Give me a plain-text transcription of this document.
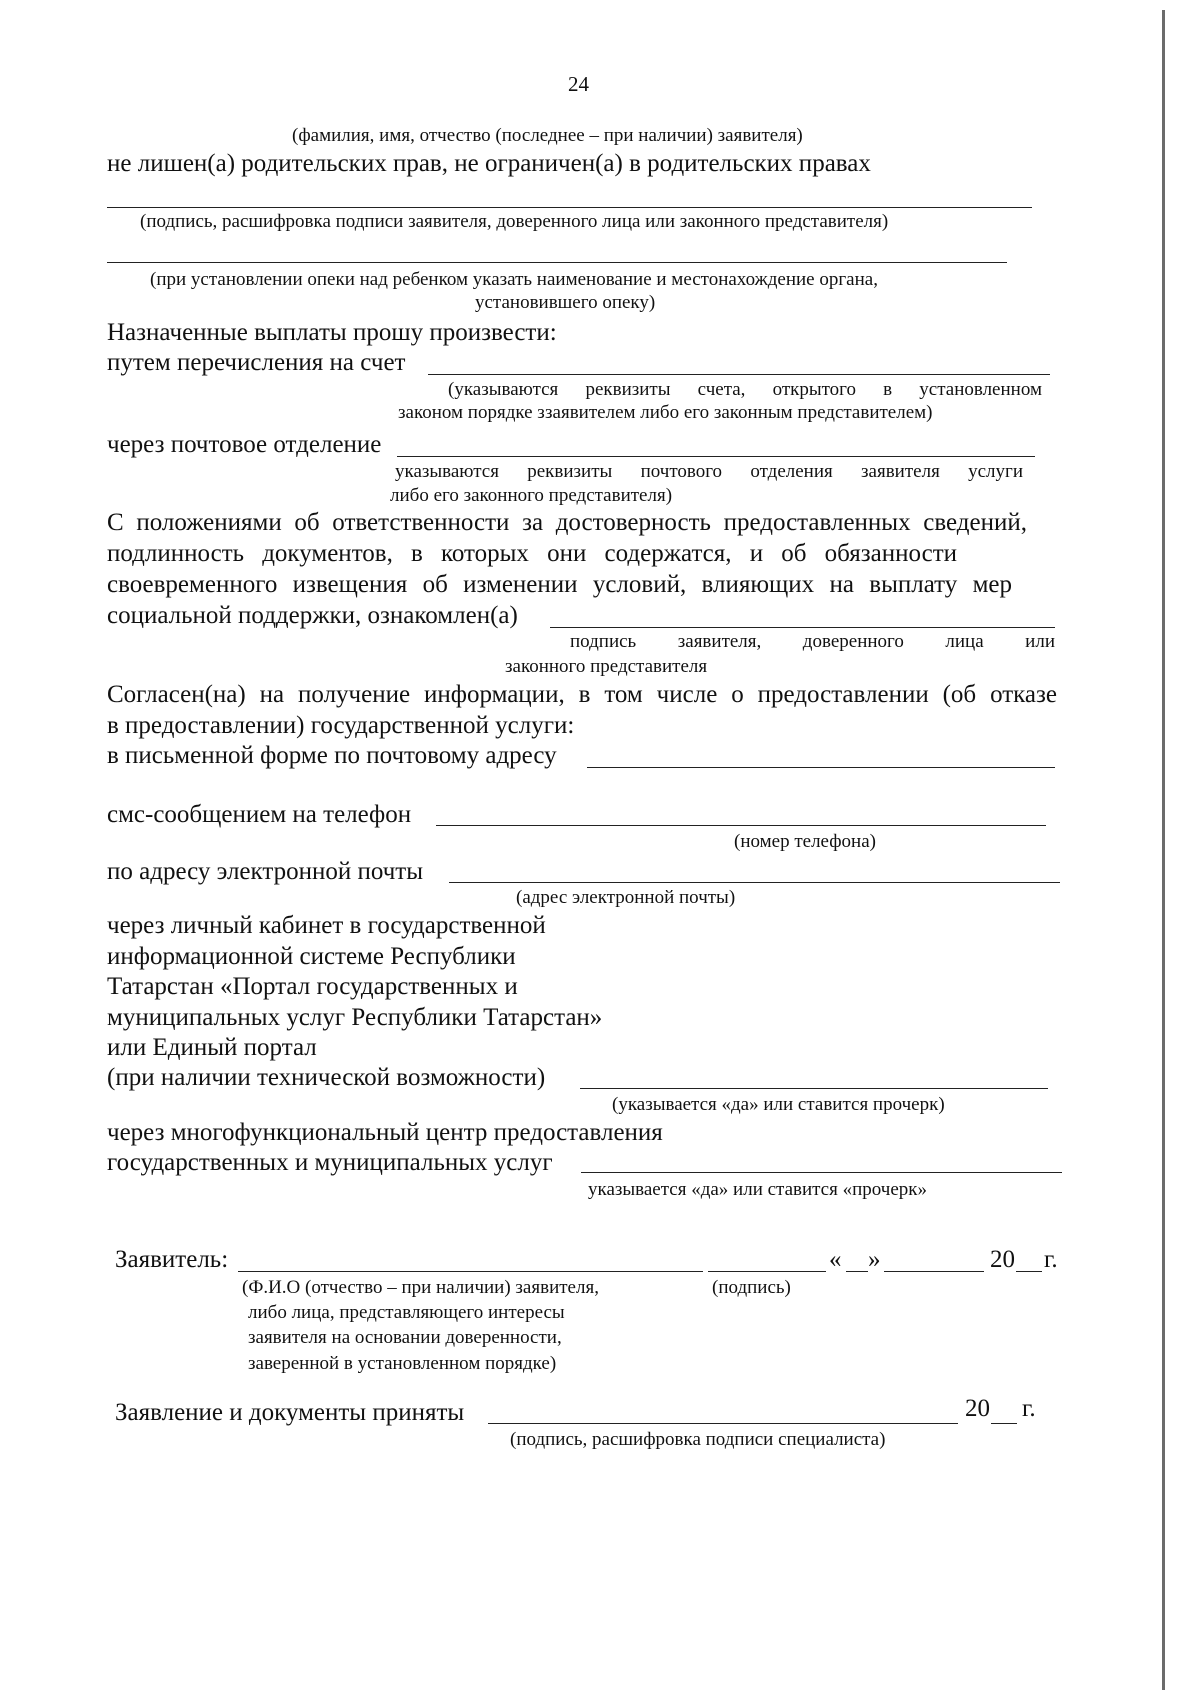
24
(фамилия, имя, отчество (последнее – при наличии) заявителя)
не лишен(а) родительских прав, не ограничен(а) в родительских правах
(подпись, расшифровка подписи заявителя, доверенного лица или законного представителя)
(при установлении опеки над ребенком указать наименование и местонахождение органа,
установившего опеку)
Назначенные выплаты прошу произвести:
путем перечисления на счет
(указываются реквизиты счета, открытого в установленном
законом порядке ззаявителем либо его законным представителем)
через почтовое отделение
указываются реквизиты почтового отделения заявителя услуги
либо его законного представителя)
С положениями об ответственности за достоверность предоставленных сведений,
подлинность документов, в которых они содержатся, и об обязанности
своевременного извещения об изменении условий, влияющих на выплату мер
социальной поддержки, ознакомлен(а)
подпись заявителя, доверенного лица или
законного представителя
Согласен(на) на получение информации, в том числе о предоставлении (об отказе
в предоставлении) государственной услуги:
в письменной форме по почтовому адресу
смс-сообщением на телефон
(номер телефона)
по адресу электронной почты
(адрес электронной почты)
через личный кабинет в государственной
информационной системе Республики
Татарстан «Портал государственных и
муниципальных услуг Республики Татарстан»
или Единый портал
(при наличии технической возможности)
(указывается «да» или ставится прочерк)
через многофункциональный центр предоставления
государственных и муниципальных услуг
указывается «да» или ставится «прочерк»
Заявитель:	« »	20 г.
(Ф.И.О (отчество – при наличии) заявителя,
либо лица, представляющего интересы
заявителя на основании доверенности,
заверенной в установленном порядке)
(подпись)
Заявление и документы приняты	20 г.
(подпись, расшифровка подписи специалиста)
